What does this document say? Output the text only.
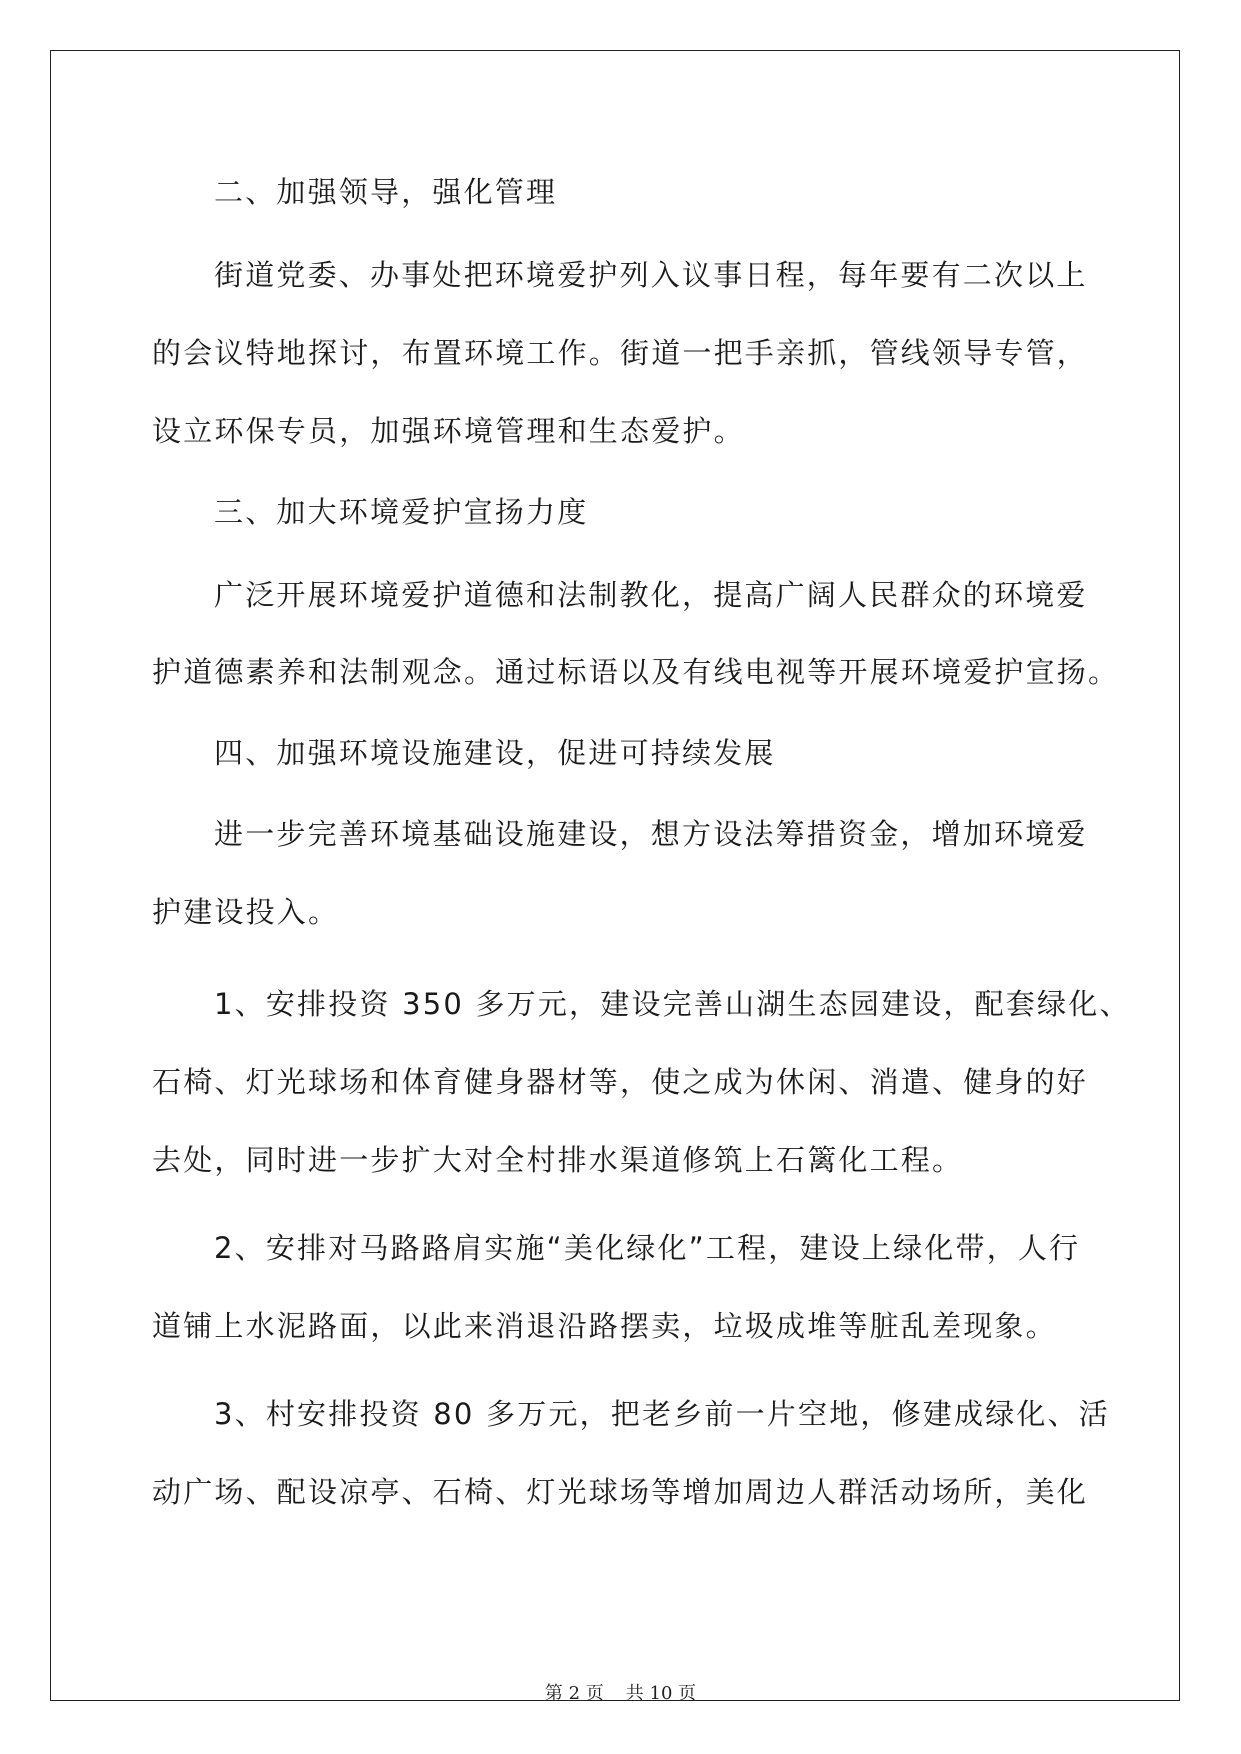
二、加强领导，强化管理
街道党委、办事处把环境爱护列入议事日程，每年要有二次以上
的会议特地探讨，布置环境工作。街道一把手亲抓，管线领导专管，
设立环保专员，加强环境管理和生态爱护。
三、加大环境爱护宣扬力度
广泛开展环境爱护道德和法制教化，提高广阔人民群众的环境爱
护道德素养和法制观念。通过标语以及有线电视等开展环境爱护宣扬。
四、加强环境设施建设，促进可持续发展
进一步完善环境基础设施建设，想方设法筹措资金，增加环境爱
护建设投入。
1、安排投资 350 多万元，建设完善山湖生态园建设，配套绿化、
石椅、灯光球场和体育健身器材等，使之成为休闲、消遣、健身的好
去处，同时进一步扩大对全村排水渠道修筑上石篱化工程。
2、安排对马路路肩实施“美化绿化”工程，建设上绿化带，人行
道铺上水泥路面，以此来消退沿路摆卖，垃圾成堆等脏乱差现象。
3、村安排投资 80 多万元，把老乡前一片空地，修建成绿化、活
动广场、配设凉亭、石椅、灯光球场等增加周边人群活动场所，美化
第 2 页 共 10 页
